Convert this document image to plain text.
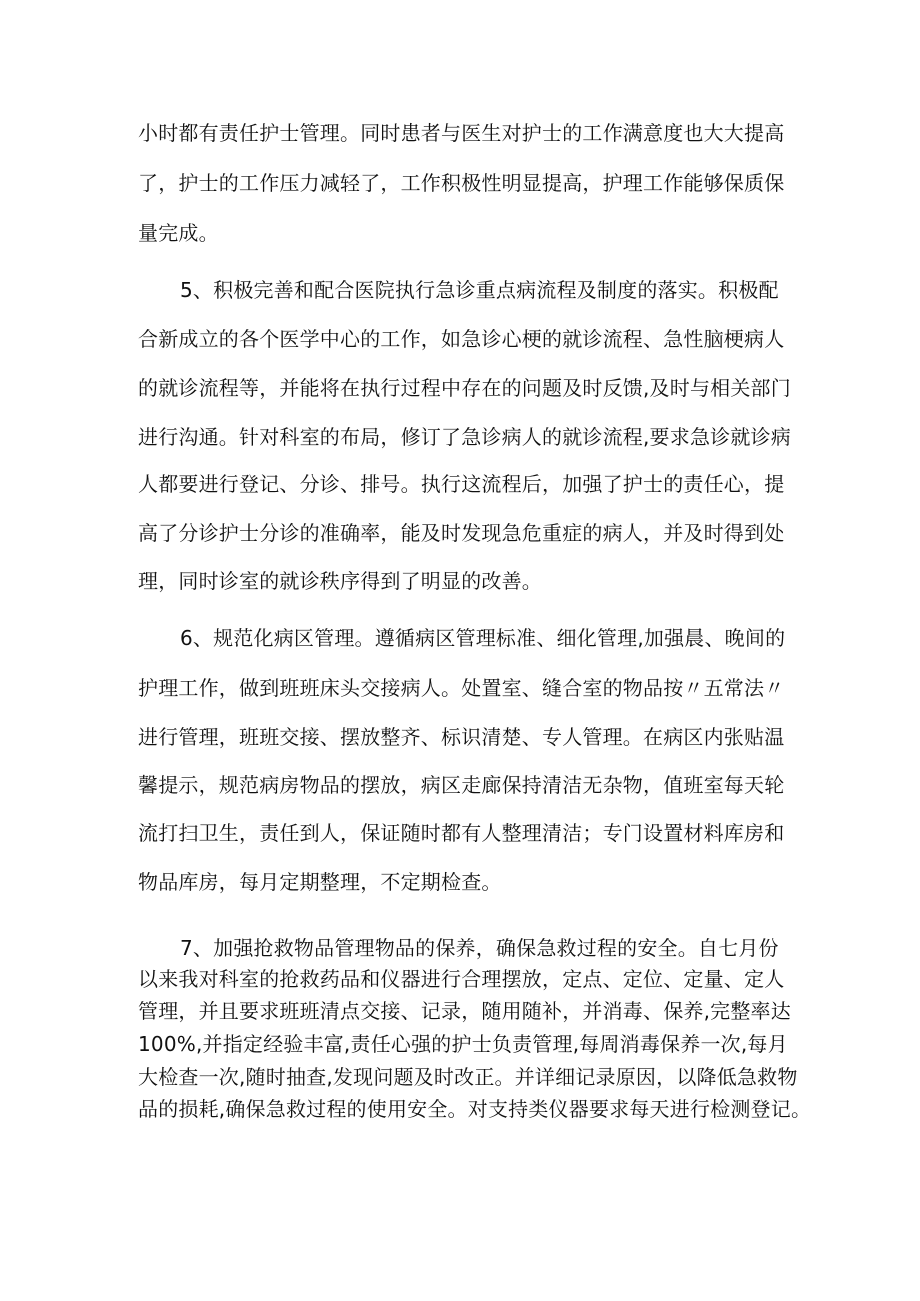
小时都有责任护士管理。同时患者与医生对护士的工作满意度也大大提高
了，护士的工作压力减轻了，工作积极性明显提高，护理工作能够保质保
量完成。
5、积极完善和配合医院执行急诊重点病流程及制度的落实。积极配
合新成立的各个医学中心的工作，如急诊心梗的就诊流程、急性脑梗病人
的就诊流程等，并能将在执行过程中存在的问题及时反馈,及时与相关部门
进行沟通。针对科室的布局，修订了急诊病人的就诊流程,要求急诊就诊病
人都要进行登记、分诊、排号。执行这流程后，加强了护士的责任心，提
高了分诊护士分诊的准确率，能及时发现急危重症的病人，并及时得到处
理，同时诊室的就诊秩序得到了明显的改善。
6、规范化病区管理。遵循病区管理标准、细化管理,加强晨、晚间的
护理工作，做到班班床头交接病人。处置室、缝合室的物品按〃五常法〃
进行管理，班班交接、摆放整齐、标识清楚、专人管理。在病区内张贴温
馨提示，规范病房物品的摆放，病区走廊保持清洁无杂物，值班室每天轮
流打扫卫生，责任到人，保证随时都有人整理清洁；专门设置材料库房和
物品库房，每月定期整理，不定期检查。
7、加强抢救物品管理物品的保养，确保急救过程的安全。自七月份
以来我对科室的抢救药品和仪器进行合理摆放，定点、定位、定量、定人
管理，并且要求班班清点交接、记录，随用随补，并消毒、保养,完整率达
100%,并指定经验丰富,责任心强的护士负责管理,每周消毒保养一次,每月
大检查一次,随时抽查,发现问题及时改正。并详细记录原因，以降低急救物
品的损耗,确保急救过程的使用安全。对支持类仪器要求每天进行检测登记。
